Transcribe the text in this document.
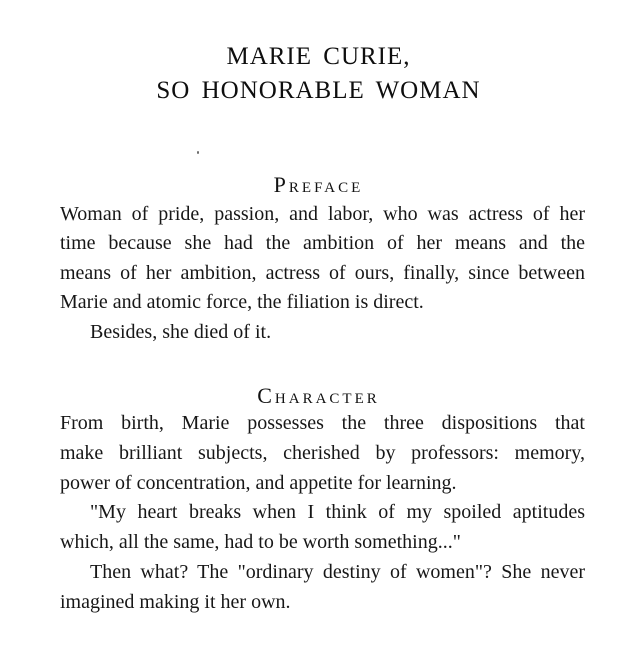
MARIE CURIE,
SO HONORABLE WOMAN
Preface
Woman of pride, passion, and labor, who was actress of her
time because she had the ambition of her means and the
means of her ambition, actress of ours, finally, since between
Marie and atomic force, the filiation is direct.
Besides, she died of it.
Character
From birth, Marie possesses the three dispositions that
make brilliant subjects, cherished by professors: memory,
power of concentration, and appetite for learning.
"My heart breaks when I think of my spoiled aptitudes
which, all the same, had to be worth something..."
Then what? The "ordinary destiny of women"? She never
imagined making it her own.
